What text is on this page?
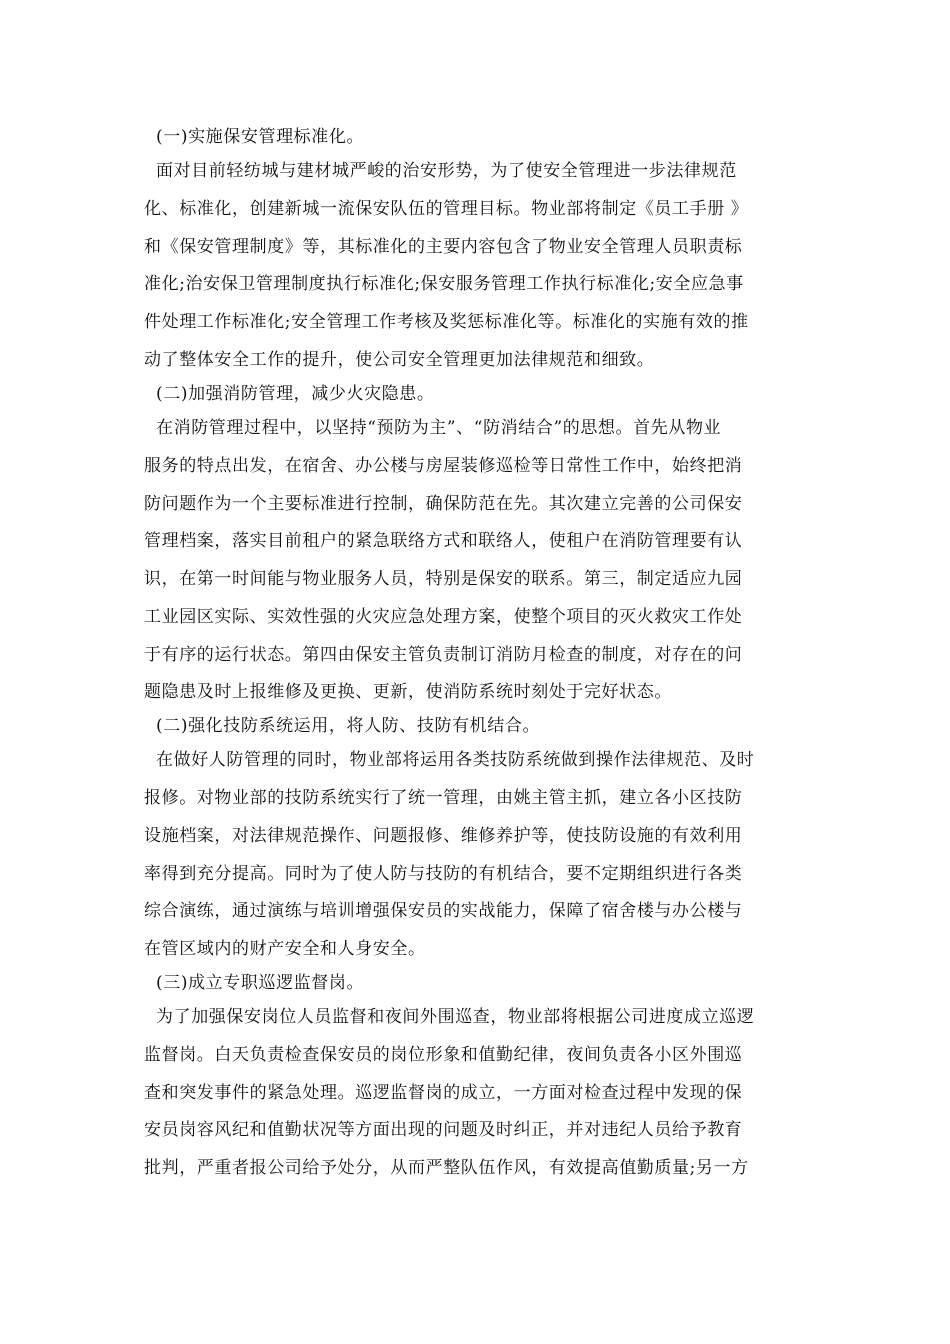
(一)实施保安管理标准化。
面对目前轻纺城与建材城严峻的治安形势，为了使安全管理进一步法律规范
化、标准化，创建新城一流保安队伍的管理目标。物业部将制定《员工手册 》
和《保安管理制度》等，其标准化的主要内容包含了物业安全管理人员职责标
准化;治安保卫管理制度执行标准化;保安服务管理工作执行标准化;安全应急事
件处理工作标准化;安全管理工作考核及奖惩标准化等。标准化的实施有效的推
动了整体安全工作的提升，使公司安全管理更加法律规范和细致。
(二)加强消防管理，减少火灾隐患。
在消防管理过程中，以坚持“预防为主”、“防消结合”的思想。首先从物业
服务的特点出发，在宿舍、办公楼与房屋装修巡检等日常性工作中，始终把消
防问题作为一个主要标准进行控制，确保防范在先。其次建立完善的公司保安
管理档案，落实目前租户的紧急联络方式和联络人，使租户在消防管理要有认
识，在第一时间能与物业服务人员，特别是保安的联系。第三，制定适应九园
工业园区实际、实效性强的火灾应急处理方案，使整个项目的灭火救灾工作处
于有序的运行状态。第四由保安主管负责制订消防月检查的制度，对存在的问
题隐患及时上报维修及更换、更新，使消防系统时刻处于完好状态。
(二)强化技防系统运用，将人防、技防有机结合。
在做好人防管理的同时，物业部将运用各类技防系统做到操作法律规范、及时
报修。对物业部的技防系统实行了统一管理，由姚主管主抓，建立各小区技防
设施档案，对法律规范操作、问题报修、维修养护等，使技防设施的有效利用
率得到充分提高。同时为了使人防与技防的有机结合，要不定期组织进行各类
综合演练，通过演练与培训增强保安员的实战能力，保障了宿舍楼与办公楼与
在管区域内的财产安全和人身安全。
(三)成立专职巡逻监督岗。
为了加强保安岗位人员监督和夜间外围巡查，物业部将根据公司进度成立巡逻
监督岗。白天负责检查保安员的岗位形象和值勤纪律，夜间负责各小区外围巡
查和突发事件的紧急处理。巡逻监督岗的成立，一方面对检查过程中发现的保
安员岗容风纪和值勤状况等方面出现的问题及时纠正，并对违纪人员给予教育
批判，严重者报公司给予处分，从而严整队伍作风，有效提高值勤质量;另一方
